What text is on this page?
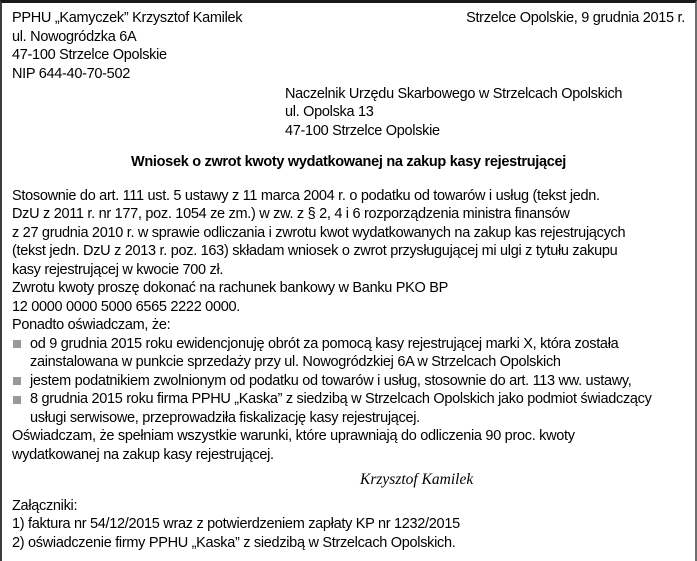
PPHU „Kamyczek” Krzysztof Kamilek
ul. Nowogródzka 6A
47-100 Strzelce Opolskie
NIP 644-40-70-502
Strzelce Opolskie, 9 grudnia 2015 r.
Naczelnik Urzędu Skarbowego w Strzelcach Opolskich
ul. Opolska 13
47-100 Strzelce Opolskie
Wniosek o zwrot kwoty wydatkowanej na zakup kasy rejestrującej
Stosownie do art. 111 ust. 5 ustawy z 11 marca 2004 r. o podatku od towarów i usług (tekst jedn.
DzU z 2011 r. nr 177, poz. 1054 ze zm.) w zw. z § 2, 4 i 6 rozporządzenia ministra finansów
z 27 grudnia 2010 r. w sprawie odliczania i zwrotu kwot wydatkowanych na zakup kas rejestrujących
(tekst jedn. DzU z 2013 r. poz. 163) składam wniosek o zwrot przysługującej mi ulgi z tytułu zakupu
kasy rejestrującej w kwocie 700 zł.
Zwrotu kwoty proszę dokonać na rachunek bankowy w Banku PKO BP
12 0000 0000 5000 6565 2222 0000.
Ponadto oświadczam, że:
od 9 grudnia 2015 roku ewidencjonuję obrót za pomocą kasy rejestrującej marki X, która została
zainstalowana w punkcie sprzedaży przy ul. Nowogródzkiej 6A w Strzelcach Opolskich
jestem podatnikiem zwolnionym od podatku od towarów i usług, stosownie do art. 113 ww. ustawy,
8 grudnia 2015 roku firma PPHU „Kaska” z siedzibą w Strzelcach Opolskich jako podmiot świadczący
usługi serwisowe, przeprowadziła fiskalizację kasy rejestrującej.
Oświadczam, że spełniam wszystkie warunki, które uprawniają do odliczenia 90 proc. kwoty
wydatkowanej na zakup kasy rejestrującej.
Krzysztof Kamilek
Załączniki:
1) faktura nr 54/12/2015 wraz z potwierdzeniem zapłaty KP nr 1232/2015
2) oświadczenie firmy PPHU „Kaska” z siedzibą w Strzelcach Opolskich.
